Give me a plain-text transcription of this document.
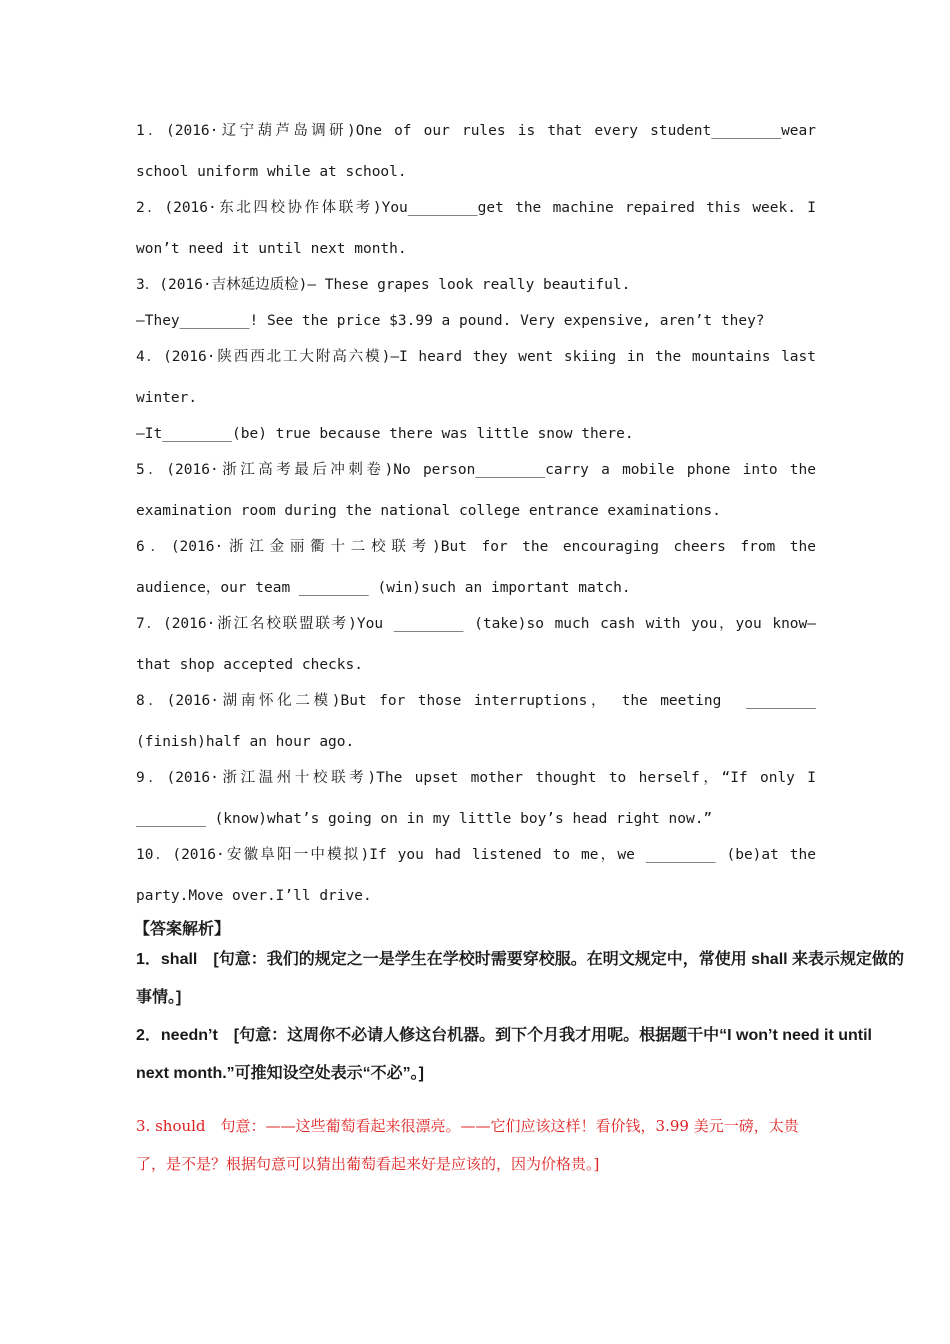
1．(2016·辽宁葫芦岛调研)One of our rules is that every student________wear
school uniform while at school.
2．(2016·东北四校协作体联考)You________get the machine repaired this week. I
won’t need it until next month.
3．(2016·吉林延边质检)— These grapes look really beautiful.
—They________! See the price $3.99 a pound. Very expensive, aren’t they?
4．(2016·陕西西北工大附高六模)—I heard they went skiing in the mountains last
winter.
—It________(be) true because there was little snow there.
5．(2016·浙江高考最后冲刺卷)No person________carry a mobile phone into the
examination room during the national college entrance examinations.
6．(2016·浙江金丽衢十二校联考)But for the encouraging cheers from the
audience，our team ________ (win)such an important match.
7．(2016·浙江名校联盟联考)You ________ (take)so much cash with you，you know—
that shop accepted checks.
8．(2016·湖南怀化二模)But for those interruptions， the meeting  ________
(finish)half an hour ago.
9．(2016·浙江温州十校联考)The upset mother thought to herself，“If only I
________ (know)what’s going on in my little boy’s head right now.”
10．(2016·安徽阜阳一中模拟)If you had listened to me，we ________ (be)at the
party.Move over.I’ll drive.
【答案解析】
1．shall　[句意：我们的规定之一是学生在学校时需要穿校服。在明文规定中，常使用 shall 来表示规定做的事情。]
2．needn’t　[句意：这周你不必请人修这台机器。到下个月我才用呢。根据题干中“I won’t need it until next month.”可推知设空处表示“不必”。]
3. should　句意：——这些葡萄看起来很漂亮。——它们应该这样！看价钱，3.99 美元一磅，太贵了，是不是？根据句意可以猜出葡萄看起来好是应该的，因为价格贵。]
